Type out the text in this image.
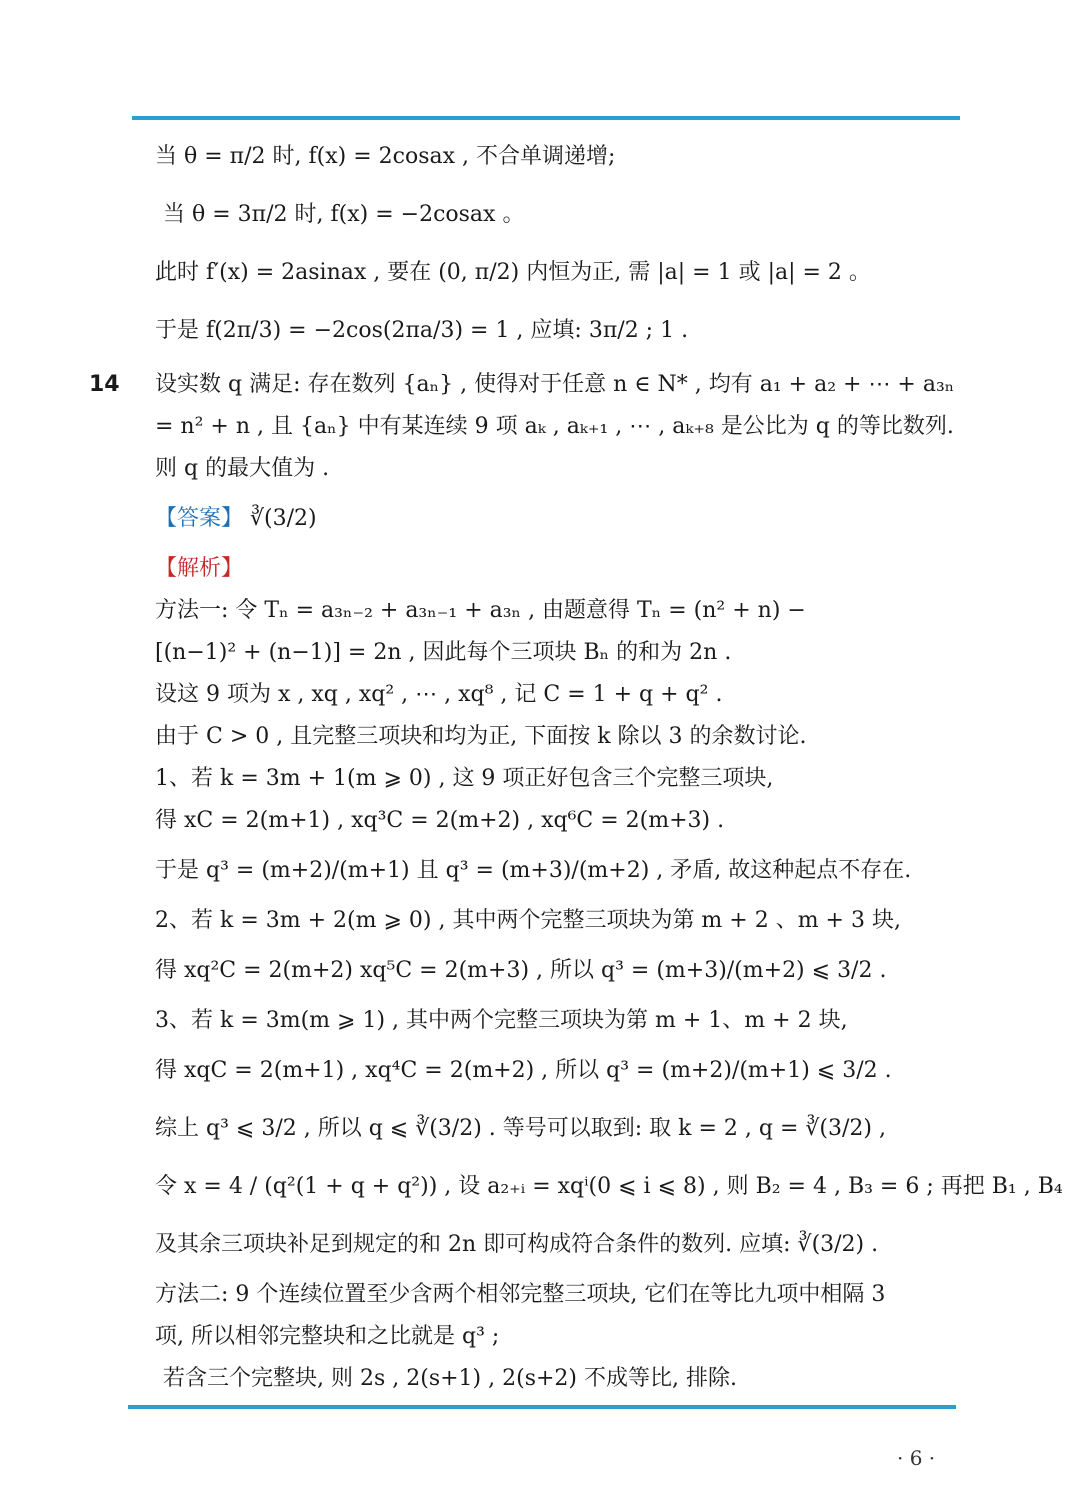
当 θ = π/2 时, f(x) = 2cosax , 不合单调递增;
当 θ = 3π/2 时, f(x) = −2cosax 。
此时 f′(x) = 2asinax , 要在 (0, π/2) 内恒为正, 需 |a| = 1 或 |a| = 2 。
于是 f(2π/3) = −2cos(2πa/3) = 1 , 应填: 3π/2 ; 1 .
14 设实数 q 满足: 存在数列 {aₙ} , 使得对于任意 n ∈ N* , 均有 a₁ + a₂ + ⋯ + a₃ₙ
= n² + n , 且 {aₙ} 中有某连续 9 项 aₖ , aₖ₊₁ , ⋯ , aₖ₊₈ 是公比为 q 的等比数列.
则 q 的最大值为 .
【答案】 ∛(3/2)
【解析】
方法一: 令 Tₙ = a₃ₙ₋₂ + a₃ₙ₋₁ + a₃ₙ , 由题意得 Tₙ = (n² + n) −
[(n−1)² + (n−1)] = 2n , 因此每个三项块 Bₙ 的和为 2n .
设这 9 项为 x , xq , xq² , ⋯ , xq⁸ , 记 C = 1 + q + q² .
由于 C > 0 , 且完整三项块和均为正, 下面按 k 除以 3 的余数讨论.
1、若 k = 3m + 1(m ⩾ 0) , 这 9 项正好包含三个完整三项块,
得 xC = 2(m+1) , xq³C = 2(m+2) , xq⁶C = 2(m+3) .
于是 q³ = (m+2)/(m+1) 且 q³ = (m+3)/(m+2) , 矛盾, 故这种起点不存在.
2、若 k = 3m + 2(m ⩾ 0) , 其中两个完整三项块为第 m + 2 、m + 3 块,
得 xq²C = 2(m+2) xq⁵C = 2(m+3) , 所以 q³ = (m+3)/(m+2) ⩽ 3/2 .
3、若 k = 3m(m ⩾ 1) , 其中两个完整三项块为第 m + 1、m + 2 块,
得 xqC = 2(m+1) , xq⁴C = 2(m+2) , 所以 q³ = (m+2)/(m+1) ⩽ 3/2 .
综上 q³ ⩽ 3/2 , 所以 q ⩽ ∛(3/2) . 等号可以取到: 取 k = 2 , q = ∛(3/2) ,
令 x = 4 / (q²(1 + q + q²)) , 设 a₂₊ᵢ = xqⁱ(0 ⩽ i ⩽ 8) , 则 B₂ = 4 , B₃ = 6 ; 再把 B₁ , B₄
及其余三项块补足到规定的和 2n 即可构成符合条件的数列. 应填: ∛(3/2) .
方法二: 9 个连续位置至少含两个相邻完整三项块, 它们在等比九项中相隔 3
项, 所以相邻完整块和之比就是 q³ ;
若含三个完整块, 则 2s , 2(s+1) , 2(s+2) 不成等比, 排除.
· 6 ·
